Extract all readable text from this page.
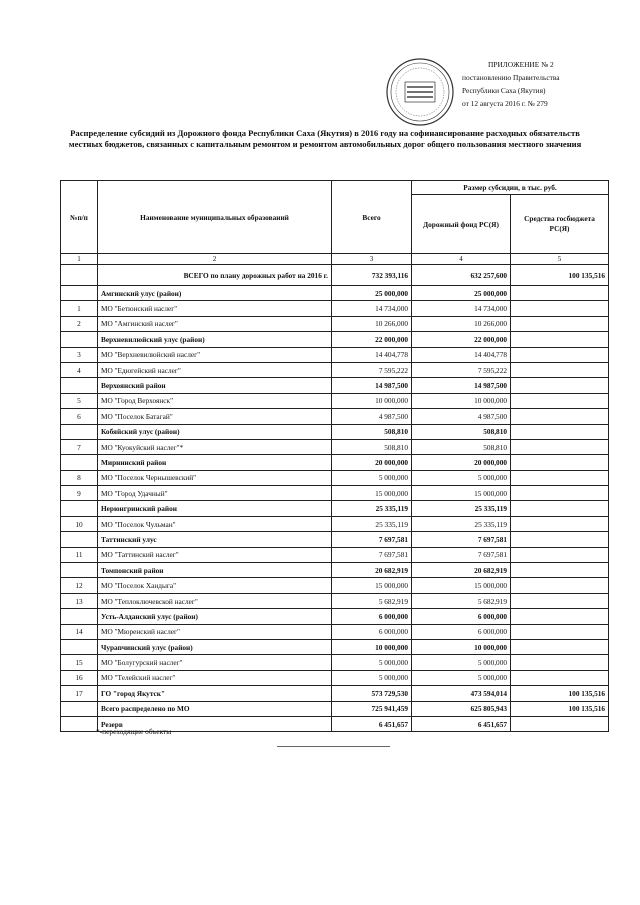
ПРИЛОЖЕНИЕ № 2
постановлению Правительства
Республики Саха (Якутия)
от 12 августа 2016 г. № 279
Распределение субсидий из Дорожного фонда Республики Саха (Якутия) в 2016 году на софинансирование расходных обязательств местных бюджетов, связанных с капитальным ремонтом и ремонтом автомобильных дорог общего пользования местного значения
№п/п	Наименование муниципальных образований	Всего	Размер субсидии, в тыс. руб.	
			Дорожный фонд РС(Я)	Средства госбюджета РС(Я)
1	2	3	4	5
	ВСЕГО по плану дорожных работ на 2016 г.	732 393,116	632 257,600	100 135,516
	Амгинский улус (район)	25 000,000	25 000,000	
1	МО "Бетюнский наслег"	14 734,000	14 734,000	
2	МО "Амгинский наслег"	10 266,000	10 266,000	
	Верхневилюйский улус (район)	22 000,000	22 000,000	
3	МО "Верхневилюйский наслег"	14 404,778	14 404,778	
4	МО "Едюгейский наслег"	7 595,222	7 595,222	
	Верхоянский район	14 987,500	14 987,500	
5	МО "Город Верхоянск"	10 000,000	10 000,000	
6	МО "Поселок Батагай"	4 987,500	4 987,500	
	Кобяйский улус (район)	508,810	508,810	
7	МО "Куокуйский наслег"*	508,810	508,810	
	Мирнинский район	20 000,000	20 000,000	
8	МО "Поселок Чернышевский"	5 000,000	5 000,000	
9	МО "Город Удачный"	15 000,000	15 000,000	
	Нерюнгринский район	25 335,119	25 335,119	
10	МО "Поселок Чульман"	25 335,119	25 335,119	
	Таттинский улус	7 697,581	7 697,581	
11	МО "Таттинский наслег"	7 697,581	7 697,581	
	Томпонский район	20 682,919	20 682,919	
12	МО "Поселок Хандыга"	15 000,000	15 000,000	
13	МО "Теплоключевской наслег"	5 682,919	5 682,919	
	Усть-Алданский улус (район)	6 000,000	6 000,000	
14	МО "Мюренский наслег"	6 000,000	6 000,000	
	Чурапчинский улус (район)	10 000,000	10 000,000	
15	МО "Болугурский наслег"	5 000,000	5 000,000	
16	МО "Телейский наслег"	5 000,000	5 000,000	
17	ГО "город Якутск"	573 729,530	473 594,014	100 135,516
	Всего распределено по МО	725 941,459	625 805,943	100 135,516
	Резерв	6 451,657	6 451,657	
*-переходящие объекты
